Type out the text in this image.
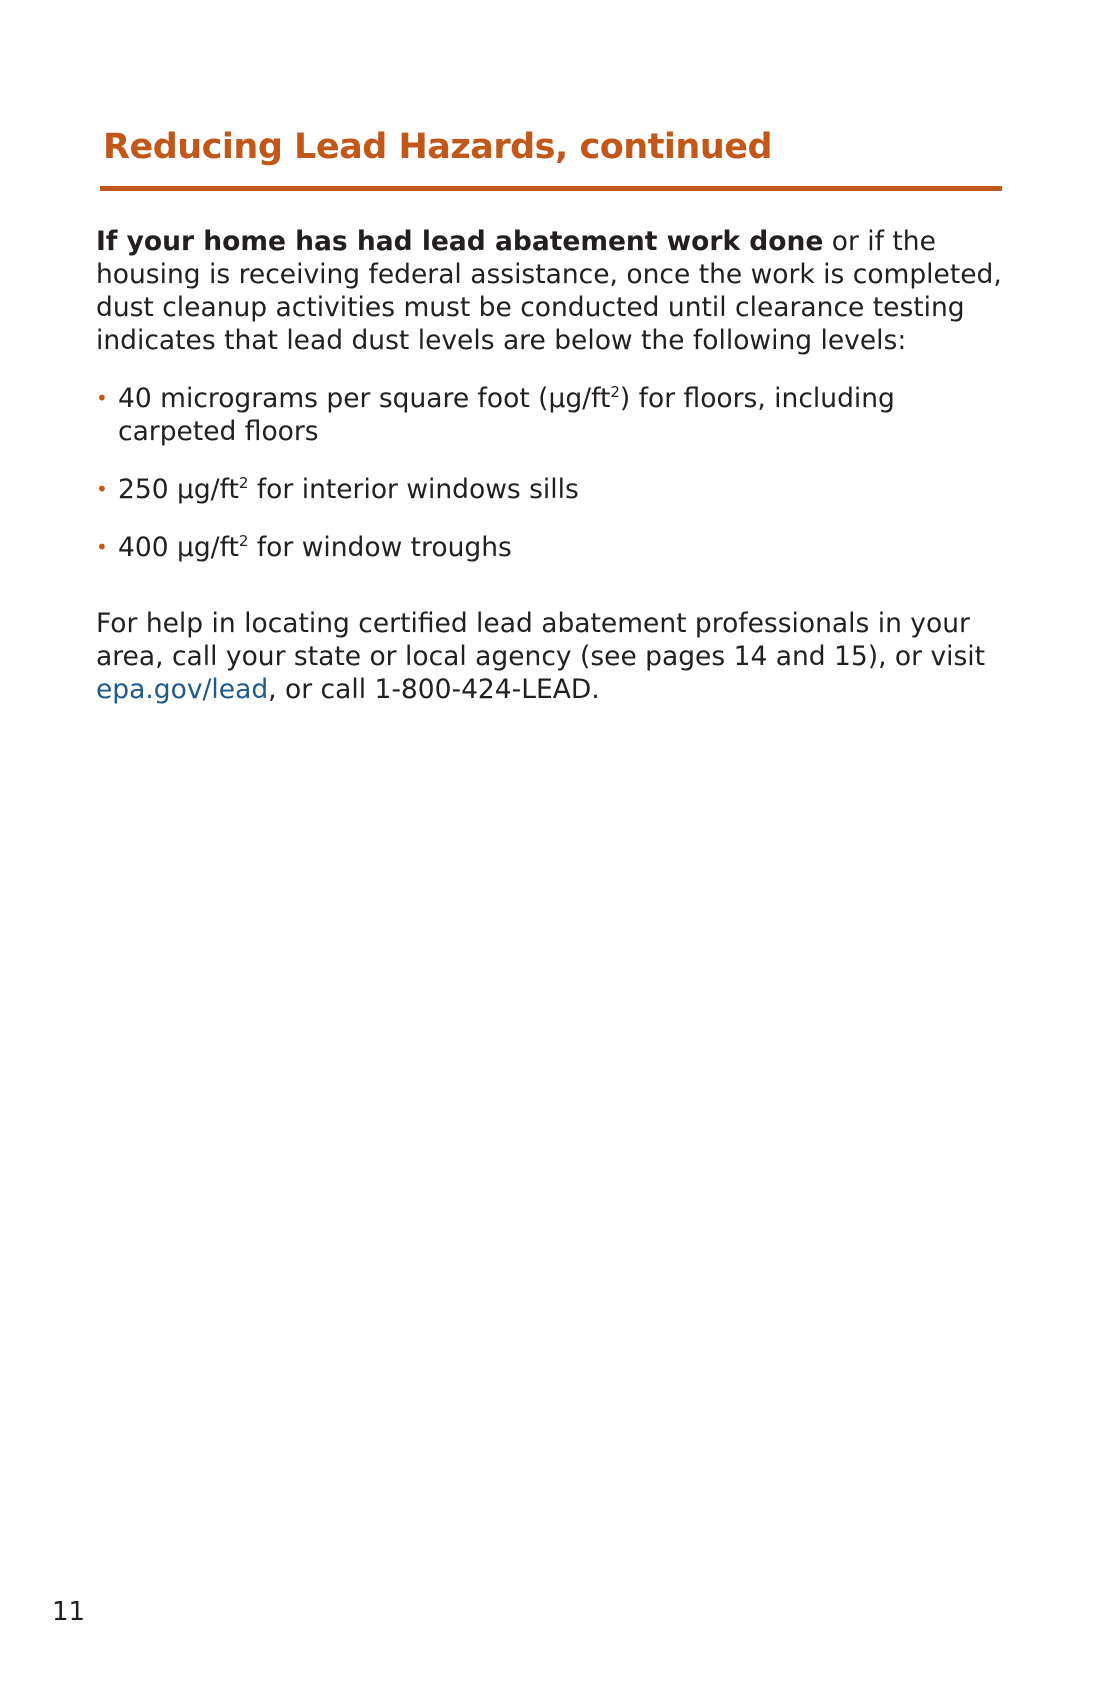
Reducing Lead Hazards, continued

If your home has had lead abatement work done or if the housing is receiving federal assistance, once the work is completed, dust cleanup activities must be conducted until clearance testing indicates that lead dust levels are below the following levels:

• 40 micrograms per square foot $(\mu g/ft^2)$ for floors, including carpeted floors
• 250 $\mu g/ft^2$ for interior windows sills
• 400 $\mu g/ft^2$ for window troughs

For help in locating certified lead abatement professionals in your area, call your state or local agency (see pages 14 and 15), or visit epa.gov/lead, or call 1-800-424-LEAD.

11
